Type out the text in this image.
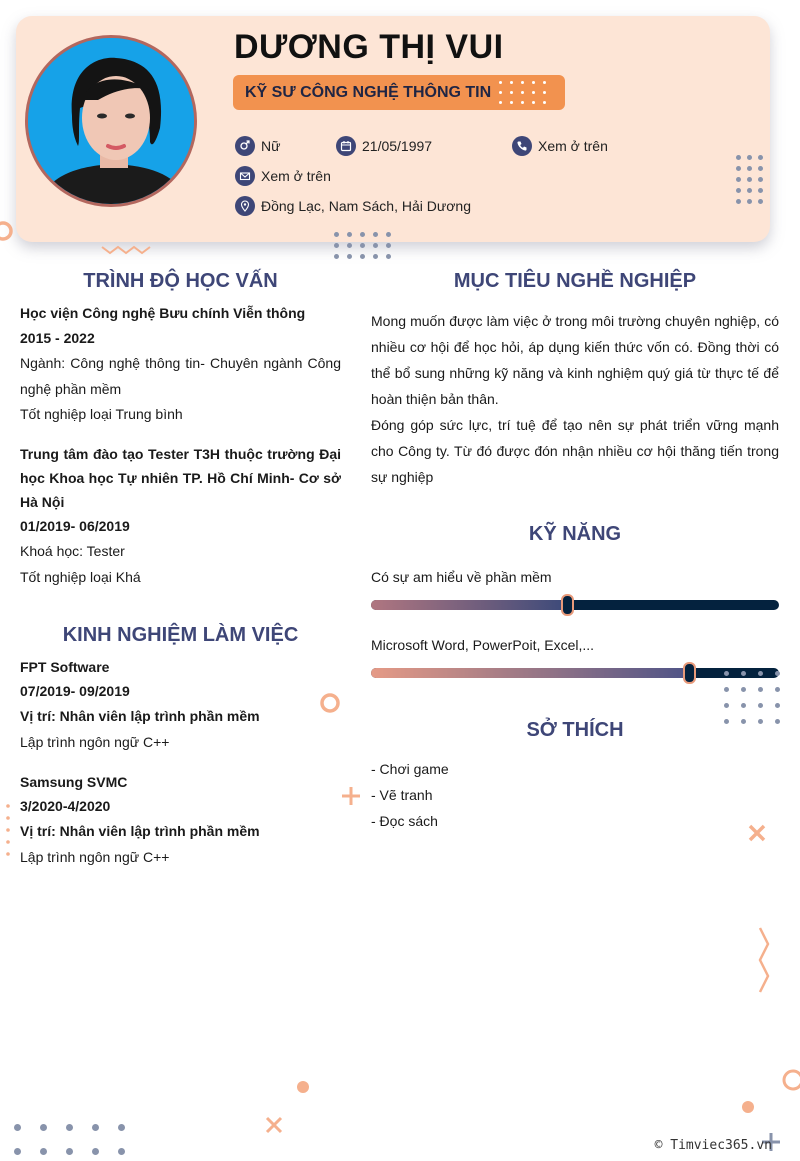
DƯƠNG THỊ VUI
KỸ SƯ CÔNG NGHỆ THÔNG TIN
Nữ	21/05/1997	Xem ở trên
Xem ở trên
Đồng Lạc, Nam Sách, Hải Dương
TRÌNH ĐỘ HỌC VẤN
Học viện Công nghệ Bưu chính Viễn thông
2015 - 2022
Ngành: Công nghệ thông tin- Chuyên ngành Công nghệ phần mềm
Tốt nghiệp loại Trung bình
Trung tâm đào tạo Tester T3H thuộc trường Đại học Khoa học Tự nhiên TP. Hồ Chí Minh- Cơ sở Hà Nội
01/2019- 06/2019
Khoá học: Tester
Tốt nghiệp loại Khá
KINH NGHIỆM LÀM VIỆC
FPT Software
07/2019- 09/2019
Vị trí: Nhân viên lập trình phần mềm
Lập trình ngôn ngữ C++
Samsung SVMC
3/2020-4/2020
Vị trí: Nhân viên lập trình phần mềm
Lập trình ngôn ngữ C++
MỤC TIÊU NGHỀ NGHIỆP
Mong muốn được làm việc ở trong môi trường chuyên nghiệp, có nhiều cơ hội để học hỏi, áp dụng kiến thức vốn có. Đồng thời có thể bổ sung những kỹ năng và kinh nghiệm quý giá từ thực tế để hoàn thiện bản thân.
Đóng góp sức lực, trí tuệ để tạo nên sự phát triển vững mạnh cho Công ty. Từ đó được đón nhận nhiều cơ hội thăng tiến trong sự nghiệp
KỸ NĂNG
Có sự am hiểu về phần mềm
Microsoft Word, PowerPoit, Excel,...
SỞ THÍCH
- Chơi game
- Vẽ tranh
- Đọc sách
© Timviec365.vn
